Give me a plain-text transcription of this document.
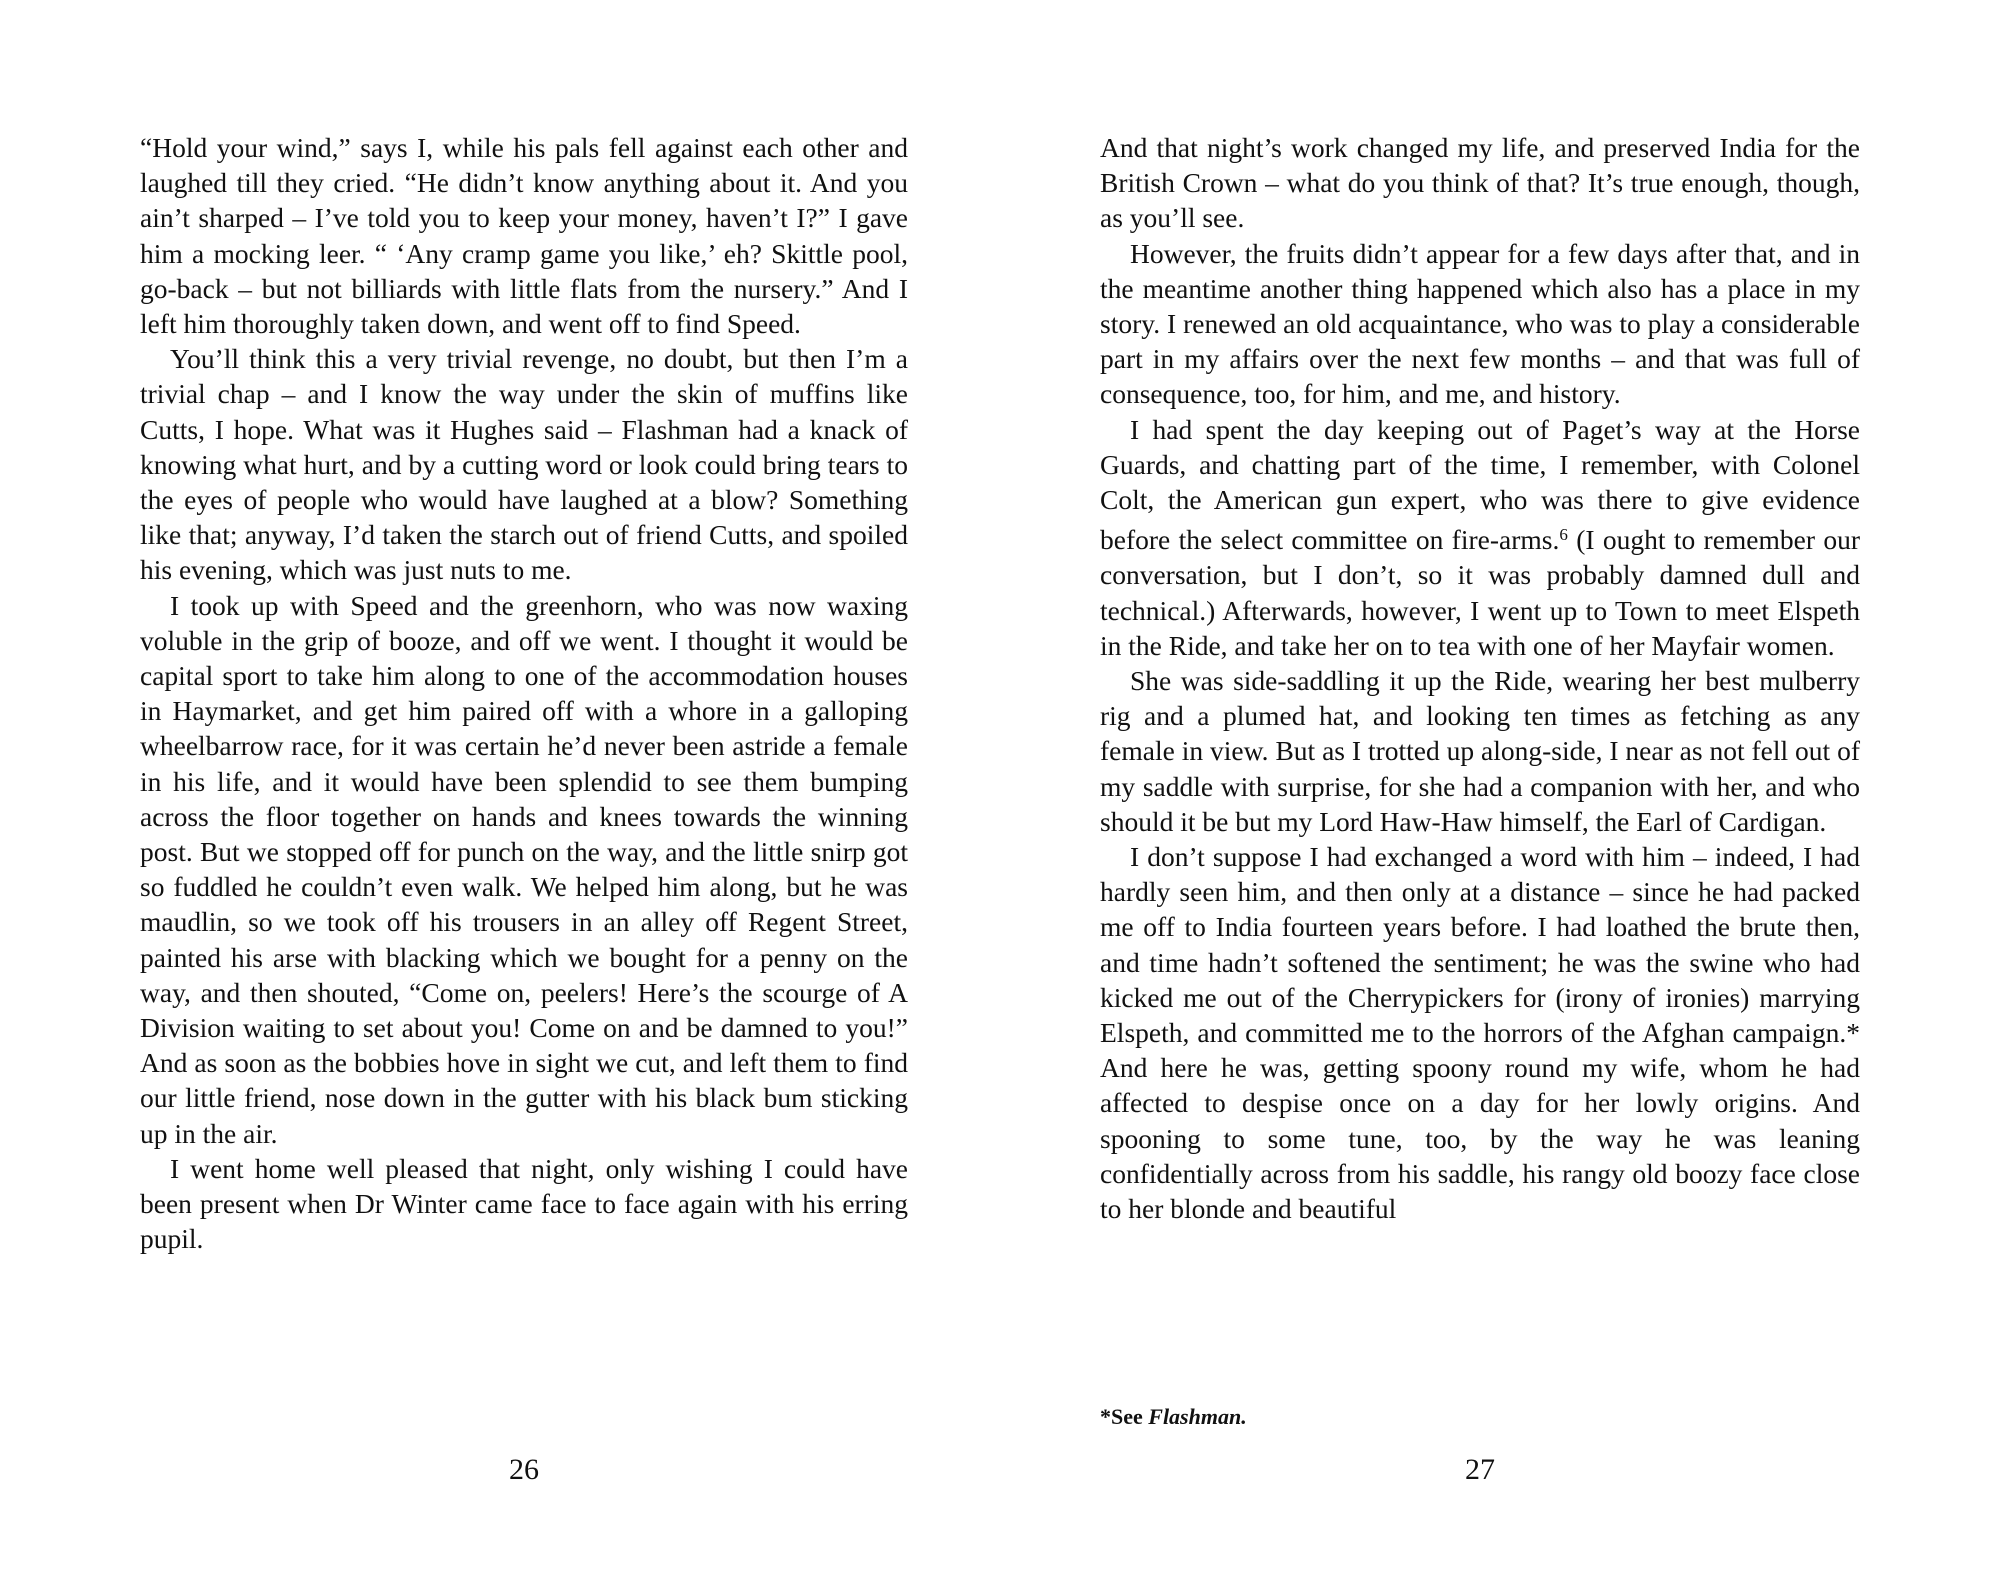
“Hold your wind,” says I, while his pals fell against each other and laughed till they cried. “He didn’t know anything about it. And you ain’t sharped – I’ve told you to keep your money, haven’t I?” I gave him a mocking leer. “ ‘Any cramp game you like,’ eh? Skittle pool, go-back – but not billiards with little flats from the nursery.” And I left him thoroughly taken down, and went off to find Speed.

You’ll think this a very trivial revenge, no doubt, but then I’m a trivial chap – and I know the way under the skin of muffins like Cutts, I hope. What was it Hughes said – Flashman had a knack of knowing what hurt, and by a cutting word or look could bring tears to the eyes of people who would have laughed at a blow? Something like that; anyway, I’d taken the starch out of friend Cutts, and spoiled his evening, which was just nuts to me.

I took up with Speed and the greenhorn, who was now waxing voluble in the grip of booze, and off we went. I thought it would be capital sport to take him along to one of the accommodation houses in Haymarket, and get him paired off with a whore in a galloping wheelbarrow race, for it was certain he’d never been astride a female in his life, and it would have been splendid to see them bumping across the floor together on hands and knees towards the winning post. But we stopped off for punch on the way, and the little snirp got so fuddled he couldn’t even walk. We helped him along, but he was maudlin, so we took off his trousers in an alley off Regent Street, painted his arse with blacking which we bought for a penny on the way, and then shouted, “Come on, peelers! Here’s the scourge of A Division waiting to set about you! Come on and be damned to you!” And as soon as the bobbies hove in sight we cut, and left them to find our little friend, nose down in the gutter with his black bum sticking up in the air.

I went home well pleased that night, only wishing I could have been present when Dr Winter came face to face again with his erring pupil.

26

And that night’s work changed my life, and preserved India for the British Crown – what do you think of that? It’s true enough, though, as you’ll see.

However, the fruits didn’t appear for a few days after that, and in the meantime another thing happened which also has a place in my story. I renewed an old acquaintance, who was to play a considerable part in my affairs over the next few months – and that was full of consequence, too, for him, and me, and history.

I had spent the day keeping out of Paget’s way at the Horse Guards, and chatting part of the time, I remember, with Colonel Colt, the American gun expert, who was there to give evidence before the select committee on fire-arms.$^6$ (I ought to remember our conversation, but I don’t, so it was probably damned dull and technical.) Afterwards, however, I went up to Town to meet Elspeth in the Ride, and take her on to tea with one of her Mayfair women.

She was side-saddling it up the Ride, wearing her best mulberry rig and a plumed hat, and looking ten times as fetching as any female in view. But as I trotted up along-side, I near as not fell out of my saddle with surprise, for she had a companion with her, and who should it be but my Lord Haw-Haw himself, the Earl of Cardigan.

I don’t suppose I had exchanged a word with him – indeed, I had hardly seen him, and then only at a distance – since he had packed me off to India fourteen years before. I had loathed the brute then, and time hadn’t softened the sentiment; he was the swine who had kicked me out of the Cherrypickers for (irony of ironies) marrying Elspeth, and committed me to the horrors of the Afghan campaign.* And here he was, getting spoony round my wife, whom he had affected to despise once on a day for her lowly origins. And spooning to some tune, too, by the way he was leaning confidentially across from his saddle, his rangy old boozy face close to her blonde and beautiful

*See Flashman.

27
